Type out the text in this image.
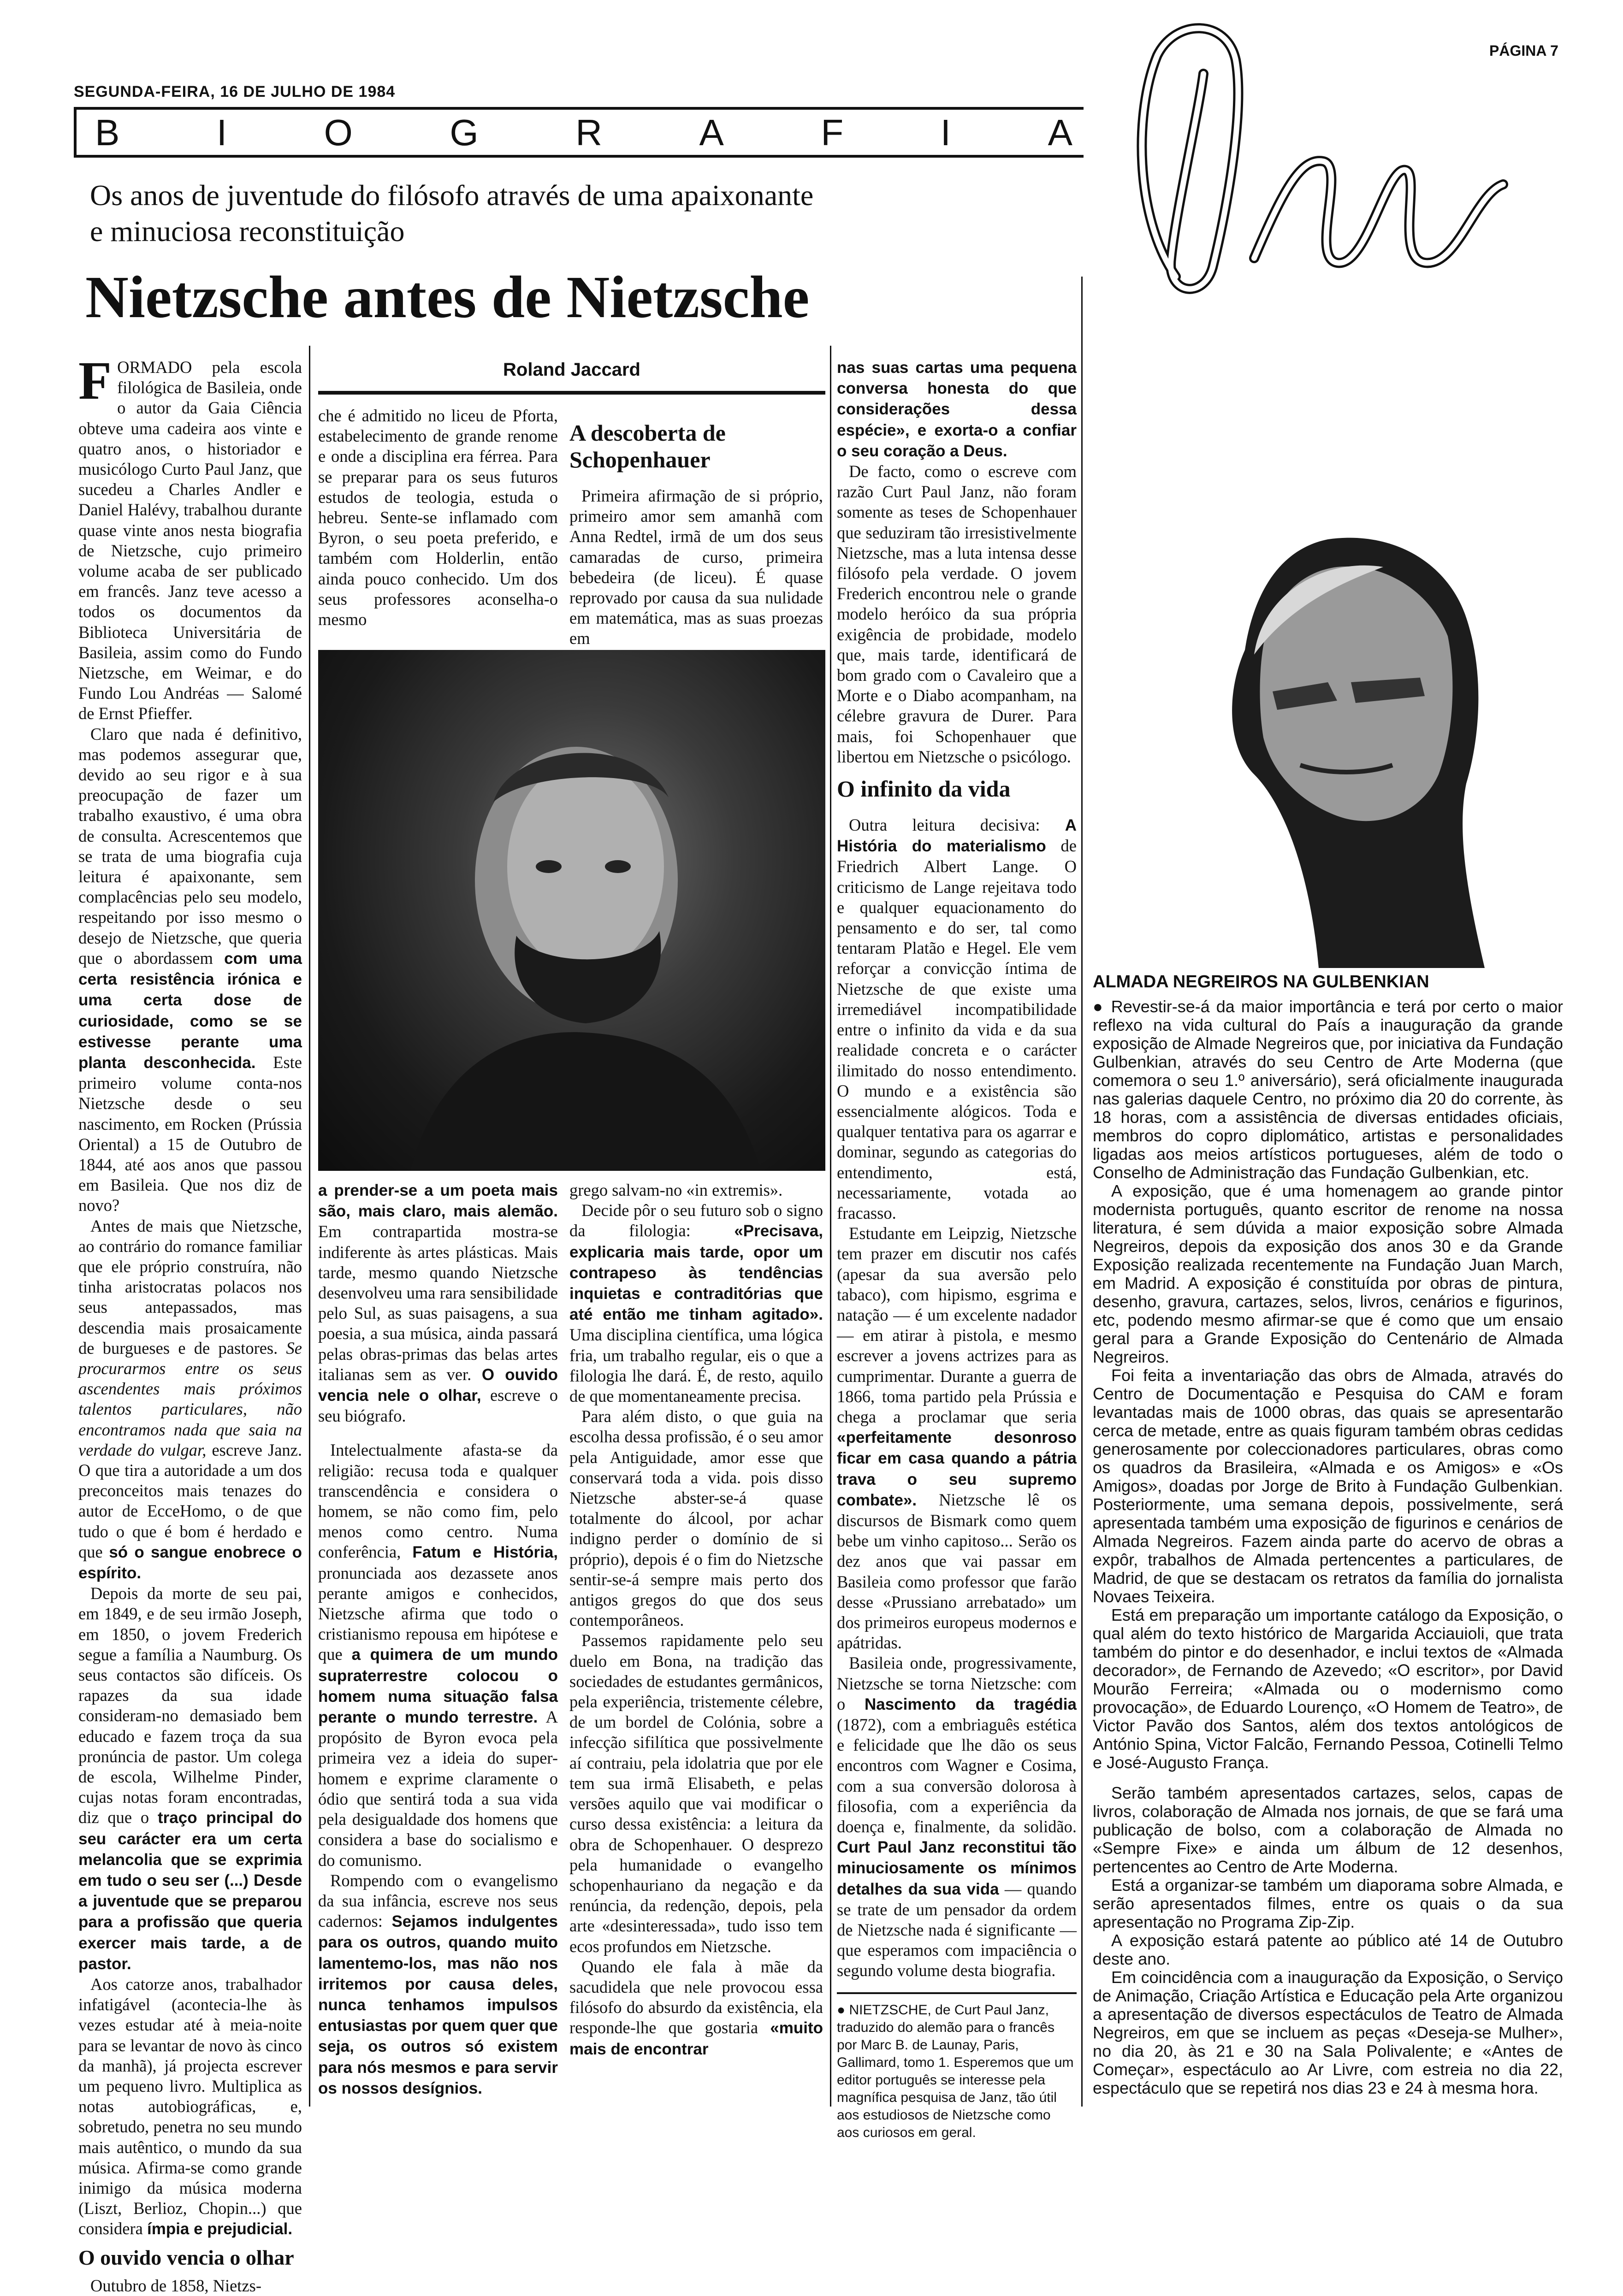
SEGUNDA-FEIRA, 16 DE JULHO DE 1984
PÁGINA 7
B	I	O	G	R	A	F	I	A
Os anos de juventude do filósofo através de uma apaixonante
e minuciosa reconstituição
Nietzsche antes de Nietzsche
Roland Jaccard

FORMADO pela escola filológica de Basileia, onde o autor da Gaia Ciência obteve uma cadeira aos vinte e quatro anos, o historiador e musicólogo Curto Paul Janz, que sucedeu a Charles Andler e Daniel Halévy, trabalhou durante quase vinte anos nesta biografia de Nietzsche, cujo primeiro volume acaba de ser publicado em francês. Janz teve acesso a todos os documentos da Biblioteca Universitária de Basileia, assim como do Fundo Nietzsche, em Weimar, e do Fundo Lou Andréas — Salomé de Ernst Pfieffer.

Claro que nada é definitivo, mas podemos assegurar que, devido ao seu rigor e à sua preocupação de fazer um trabalho exaustivo, é uma obra de consulta. Acrescentemos que se trata de uma biografia cuja leitura é apaixonante, sem complacências pelo seu modelo, respeitando por isso mesmo o desejo de Nietzsche, que queria que o abordassem com uma certa resistência irónica e uma certa dose de curiosidade, como se se estivesse perante uma planta desconhecida. Este primeiro volume conta-nos Nietzsche desde o seu nascimento, em Rocken (Prússia Oriental) a 15 de Outubro de 1844, até aos anos que passou em Basileia. Que nos diz de novo?

Antes de mais que Nietzsche, ao contrário do romance familiar que ele próprio construíra, não tinha aristocratas polacos nos seus antepassados, mas descendia mais prosaicamente de burgueses e de pastores. Se procurarmos entre os seus ascendentes mais próximos talentos particulares, não encontramos nada que saia na verdade do vulgar, escreve Janz. O que tira a autoridade a um dos preconceitos mais tenazes do autor de EcceHomo, o de que tudo o que é bom é herdado e que só o sangue enobrece o espírito.

Depois da morte de seu pai, em 1849, e de seu irmão Joseph, em 1850, o jovem Frederich segue a família a Naumburg. Os seus contactos são difíceis. Os rapazes da sua idade consideram-no demasiado bem educado e fazem troça da sua pronúncia de pastor. Um colega de escola, Wilhelme Pinder, cujas notas foram encontradas, diz que o traço principal do seu carácter era um certa melancolia que se exprimia em tudo o seu ser (...) Desde a juventude que se preparou para a profissão que queria exercer mais tarde, a de pastor.

Aos catorze anos, trabalhador infatigável (acontecia-lhe às vezes estudar até à meia-noite para se levantar de novo às cinco da manhã), já projecta escrever um pequeno livro. Multiplica as notas autobiográficas, e, sobretudo, penetra no seu mundo mais autêntico, o mundo da sua música. Afirma-se como grande inimigo da música moderna (Liszt, Berlioz, Chopin...) que considera ímpia e prejudicial.

O ouvido vencia o olhar

Outubro de 1858, Nietzs-

che é admitido no liceu de Pforta, estabelecimento de grande renome e onde a disciplina era férrea. Para se preparar para os seus futuros estudos de teologia, estuda o hebreu. Sente-se inflamado com Byron, o seu poeta preferido, e também com Holderlin, então ainda pouco conhecido. Um dos seus professores aconselha-o mesmo

A descoberta de Schopenhauer

Primeira afirmação de si próprio, primeiro amor sem amanhã com Anna Redtel, irmã de um dos seus camaradas de curso, primeira bebedeira (de liceu). É quase reprovado por causa da sua nulidade em matemática, mas as suas proezas em

a prender-se a um poeta mais são, mais claro, mais alemão. Em contrapartida mostra-se indiferente às artes plásticas. Mais tarde, mesmo quando Nietzsche desenvolveu uma rara sensibilidade pelo Sul, as suas paisagens, a sua poesia, a sua música, ainda passará pelas obras-primas das belas artes italianas sem as ver. O ouvido vencia nele o olhar, escreve o seu biógrafo.

Intelectualmente afasta-se da religião: recusa toda e qualquer transcendência e considera o homem, se não como fim, pelo menos como centro. Numa conferência, Fatum e História, pronunciada aos dezassete anos perante amigos e conhecidos, Nietzsche afirma que todo o cristianismo repousa em hipótese e que a quimera de um mundo supraterrestre colocou o homem numa situação falsa perante o mundo terrestre. A propósito de Byron evoca pela primeira vez a ideia do super-homem e exprime claramente o ódio que sentirá toda a sua vida pela desigualdade dos homens que considera a base do socialismo e do comunismo.

Rompendo com o evangelismo da sua infância, escreve nos seus cadernos: Sejamos indulgentes para os outros, quando muito lamentemo-los, mas não nos irritemos por causa deles, nunca tenhamos impulsos entusiastas por quem quer que seja, os outros só existem para nós mesmos e para servir os nossos desígnios.

grego salvam-no «in extremis».

Decide pôr o seu futuro sob o signo da filologia:	«Precisava, explicaria mais tarde, opor um contrapeso às tendências inquietas e contraditórias que até então me tinham agitado». Uma disciplina científica, uma lógica fria, um trabalho regular, eis o que a filologia lhe dará. É, de resto, aquilo de que momentaneamente precisa.

Para além disto, o que guia na escolha dessa profissão, é o seu amor pela Antiguidade, amor esse que conservará toda a vida. pois disso Nietzsche abster-se-á quase totalmente do álcool, por achar indigno perder o domínio de si próprio), depois é o fim do Nietzsche sentir-se-á sempre mais perto dos antigos gregos do que dos seus contemporâneos.

Passemos rapidamente pelo seu duelo em Bona, na tradição das sociedades de estudantes germânicos, pela experiência, tristemente célebre, de um bordel de Colónia, sobre a infecção sifilítica que possivelmente aí contraiu, pela idolatria que por ele tem sua irmã Elisabeth, e pelas versões aquilo que vai modificar o curso dessa existência: a leitura da obra de Schopenhauer. O desprezo pela humanidade o evangelho schopenhauriano da negação e da renúncia, da redenção, depois, pela arte «desinteressada», tudo isso tem ecos profundos em Nietzsche.

Quando ele fala à mãe da sacudidela que nele provocou essa filósofo do absurdo da existência, ela responde-lhe que gostaria «muito mais de encontrar

nas suas cartas uma pequena conversa honesta do que considerações dessa espécie», e exorta-o a confiar o seu coração a Deus.

De facto, como o escreve com razão Curt Paul Janz, não foram somente as teses de Schopenhauer que seduziram tão irresistivelmente Nietzsche, mas a luta intensa desse filósofo pela verdade. O jovem Frederich encontrou nele o grande modelo heróico da sua própria exigência de probidade, modelo que, mais tarde, identificará de bom grado com o Cavaleiro que a Morte e o Diabo acompanham, na célebre gravura de Durer. Para mais, foi Schopenhauer que libertou em Nietzsche o psicólogo.

O infinito da vida

Outra leitura decisiva: A História do materialismo de Friedrich Albert Lange. O criticismo de Lange rejeitava todo e qualquer equacionamento do pensamento e do ser, tal como tentaram Platão e Hegel. Ele vem reforçar a convicção íntima de Nietzsche de que existe uma irremediável incompatibilidade entre o infinito da vida e da sua realidade concreta e o carácter ilimitado do nosso entendimento. O mundo e a existência são essencialmente alógicos. Toda e qualquer tentativa para os agarrar e dominar, segundo as categorias do entendimento, está, necessariamente, votada ao fracasso.

Estudante em Leipzig, Nietzsche tem prazer em discutir nos cafés (apesar da sua aversão pelo tabaco), com hipismo, esgrima e natação — é um excelente nadador — em atirar à pistola, e mesmo escrever a jovens actrizes para as cumprimentar. Durante a guerra de 1866, toma partido pela Prússia e chega a proclamar que seria «perfeitamente desonroso ficar em casa quando a pátria trava o seu supremo combate». Nietzsche lê os discursos de Bismark como quem bebe um vinho capitoso... Serão os dez anos que vai passar em Basileia como professor que farão desse «Prussiano arrebatado» um dos primeiros europeus modernos e apátridas.

Basileia onde, progressivamente, Nietzsche se torna Nietzsche: com o Nascimento da tragédia (1872), com a embriaguês estética e felicidade que lhe dão os seus encontros com Wagner e Cosima, com a sua conversão dolorosa à filosofia, com a experiência da doença e, finalmente, da solidão. Curt Paul Janz reconstitui tão minuciosamente os mínimos detalhes da sua vida — quando se trate de um pensador da ordem de Nietzsche nada é significante — que esperamos com impaciência o segundo volume desta biografia.

● NIETZSCHE, de Curt Paul Janz, traduzido do alemão para o francês por Marc B. de Launay, Paris, Gallimard, tomo 1. Esperemos que um editor português se interesse pela magnífica pesquisa de Janz, tão útil aos estudiosos de Nietzsche como aos curiosos em geral.
ALMADA NEGREIROS NA GULBENKIAN

● Revestir-se-á da maior importância e terá por certo o maior reflexo na vida cultural do País a inauguração da grande exposição de Almade Negreiros que, por iniciativa da Fundação Gulbenkian, através do seu Centro de Arte Moderna (que comemora o seu 1.º aniversário), será oficialmente inaugurada nas galerias daquele Centro, no próximo dia 20 do corrente, às 18 horas, com a assistência de diversas entidades oficiais, membros do copro diplomático, artistas e personalidades ligadas aos meios artísticos portugueses, além de todo o Conselho de Administração das Fundação Gulbenkian, etc.

A exposição, que é uma homenagem ao grande pintor modernista português, quanto escritor de renome na nossa literatura, é sem dúvida a maior exposição sobre Almada Negreiros, depois da exposição dos anos 30 e da Grande Exposição realizada recentemente na Fundação Juan March, em Madrid. A exposição é constituída por obras de pintura, desenho, gravura, cartazes, selos, livros, cenários e figurinos, etc, podendo mesmo afirmar-se que é como que um ensaio geral para a Grande Exposição do Centenário de Almada Negreiros.

Foi feita a inventariação das obrs de Almada, através do Centro de Documentação e Pesquisa do CAM e foram levantadas mais de 1000 obras, das quais se apresentarão cerca de metade, entre as quais figuram também obras cedidas generosamente por coleccionadores particulares, obras como os quadros da Brasileira, «Almada e os Amigos» e «Os Amigos», doadas por Jorge de Brito à Fundação Gulbenkian. Posteriormente, uma semana depois, possivelmente, será apresentada também uma exposição de figurinos e cenários de Almada Negreiros. Fazem ainda parte do acervo de obras a expôr, trabalhos de Almada pertencentes a particulares, de Madrid, de que se destacam os retratos da família do jornalista Novaes Teixeira.

Está em preparação um importante catálogo da Exposição, o qual além do texto histórico de Margarida Acciauioli, que trata também do pintor e do desenhador, e inclui textos de «Almada decorador», de Fernando de Azevedo; «O escritor», por David Mourão Ferreira; «Almada ou o modernismo como provocação», de Eduardo Lourenço, «O Homem de Teatro», de Victor Pavão dos Santos, além dos textos antológicos de António Spina, Victor Falcão, Fernando Pessoa, Cotinelli Telmo e José-Augusto França.

Serão também apresentados cartazes, selos, capas de livros, colaboração de Almada nos jornais, de que se fará uma publicação de bolso, com a colaboração de Almada no «Sempre Fixe» e ainda um álbum de 12 desenhos, pertencentes ao Centro de Arte Moderna.

Está a organizar-se também um diaporama sobre Almada, e serão apresentados filmes, entre os quais o da sua apresentação no Programa Zip-Zip.

A exposição estará patente ao público até 14 de Outubro deste ano.

Em coincidência com a inauguração da Exposição, o Serviço de Animação, Criação Artística e Educação pela Arte organizou a apresentação de diversos espectáculos de Teatro de Almada Negreiros, em que se incluem as peças «Deseja-se Mulher», no dia 20, às 21 e 30 na Sala Polivalente; e «Antes de Começar», espectáculo ao Ar Livre, com estreia no dia 22, espectáculo que se repetirá nos dias 23 e 24 à mesma hora.
